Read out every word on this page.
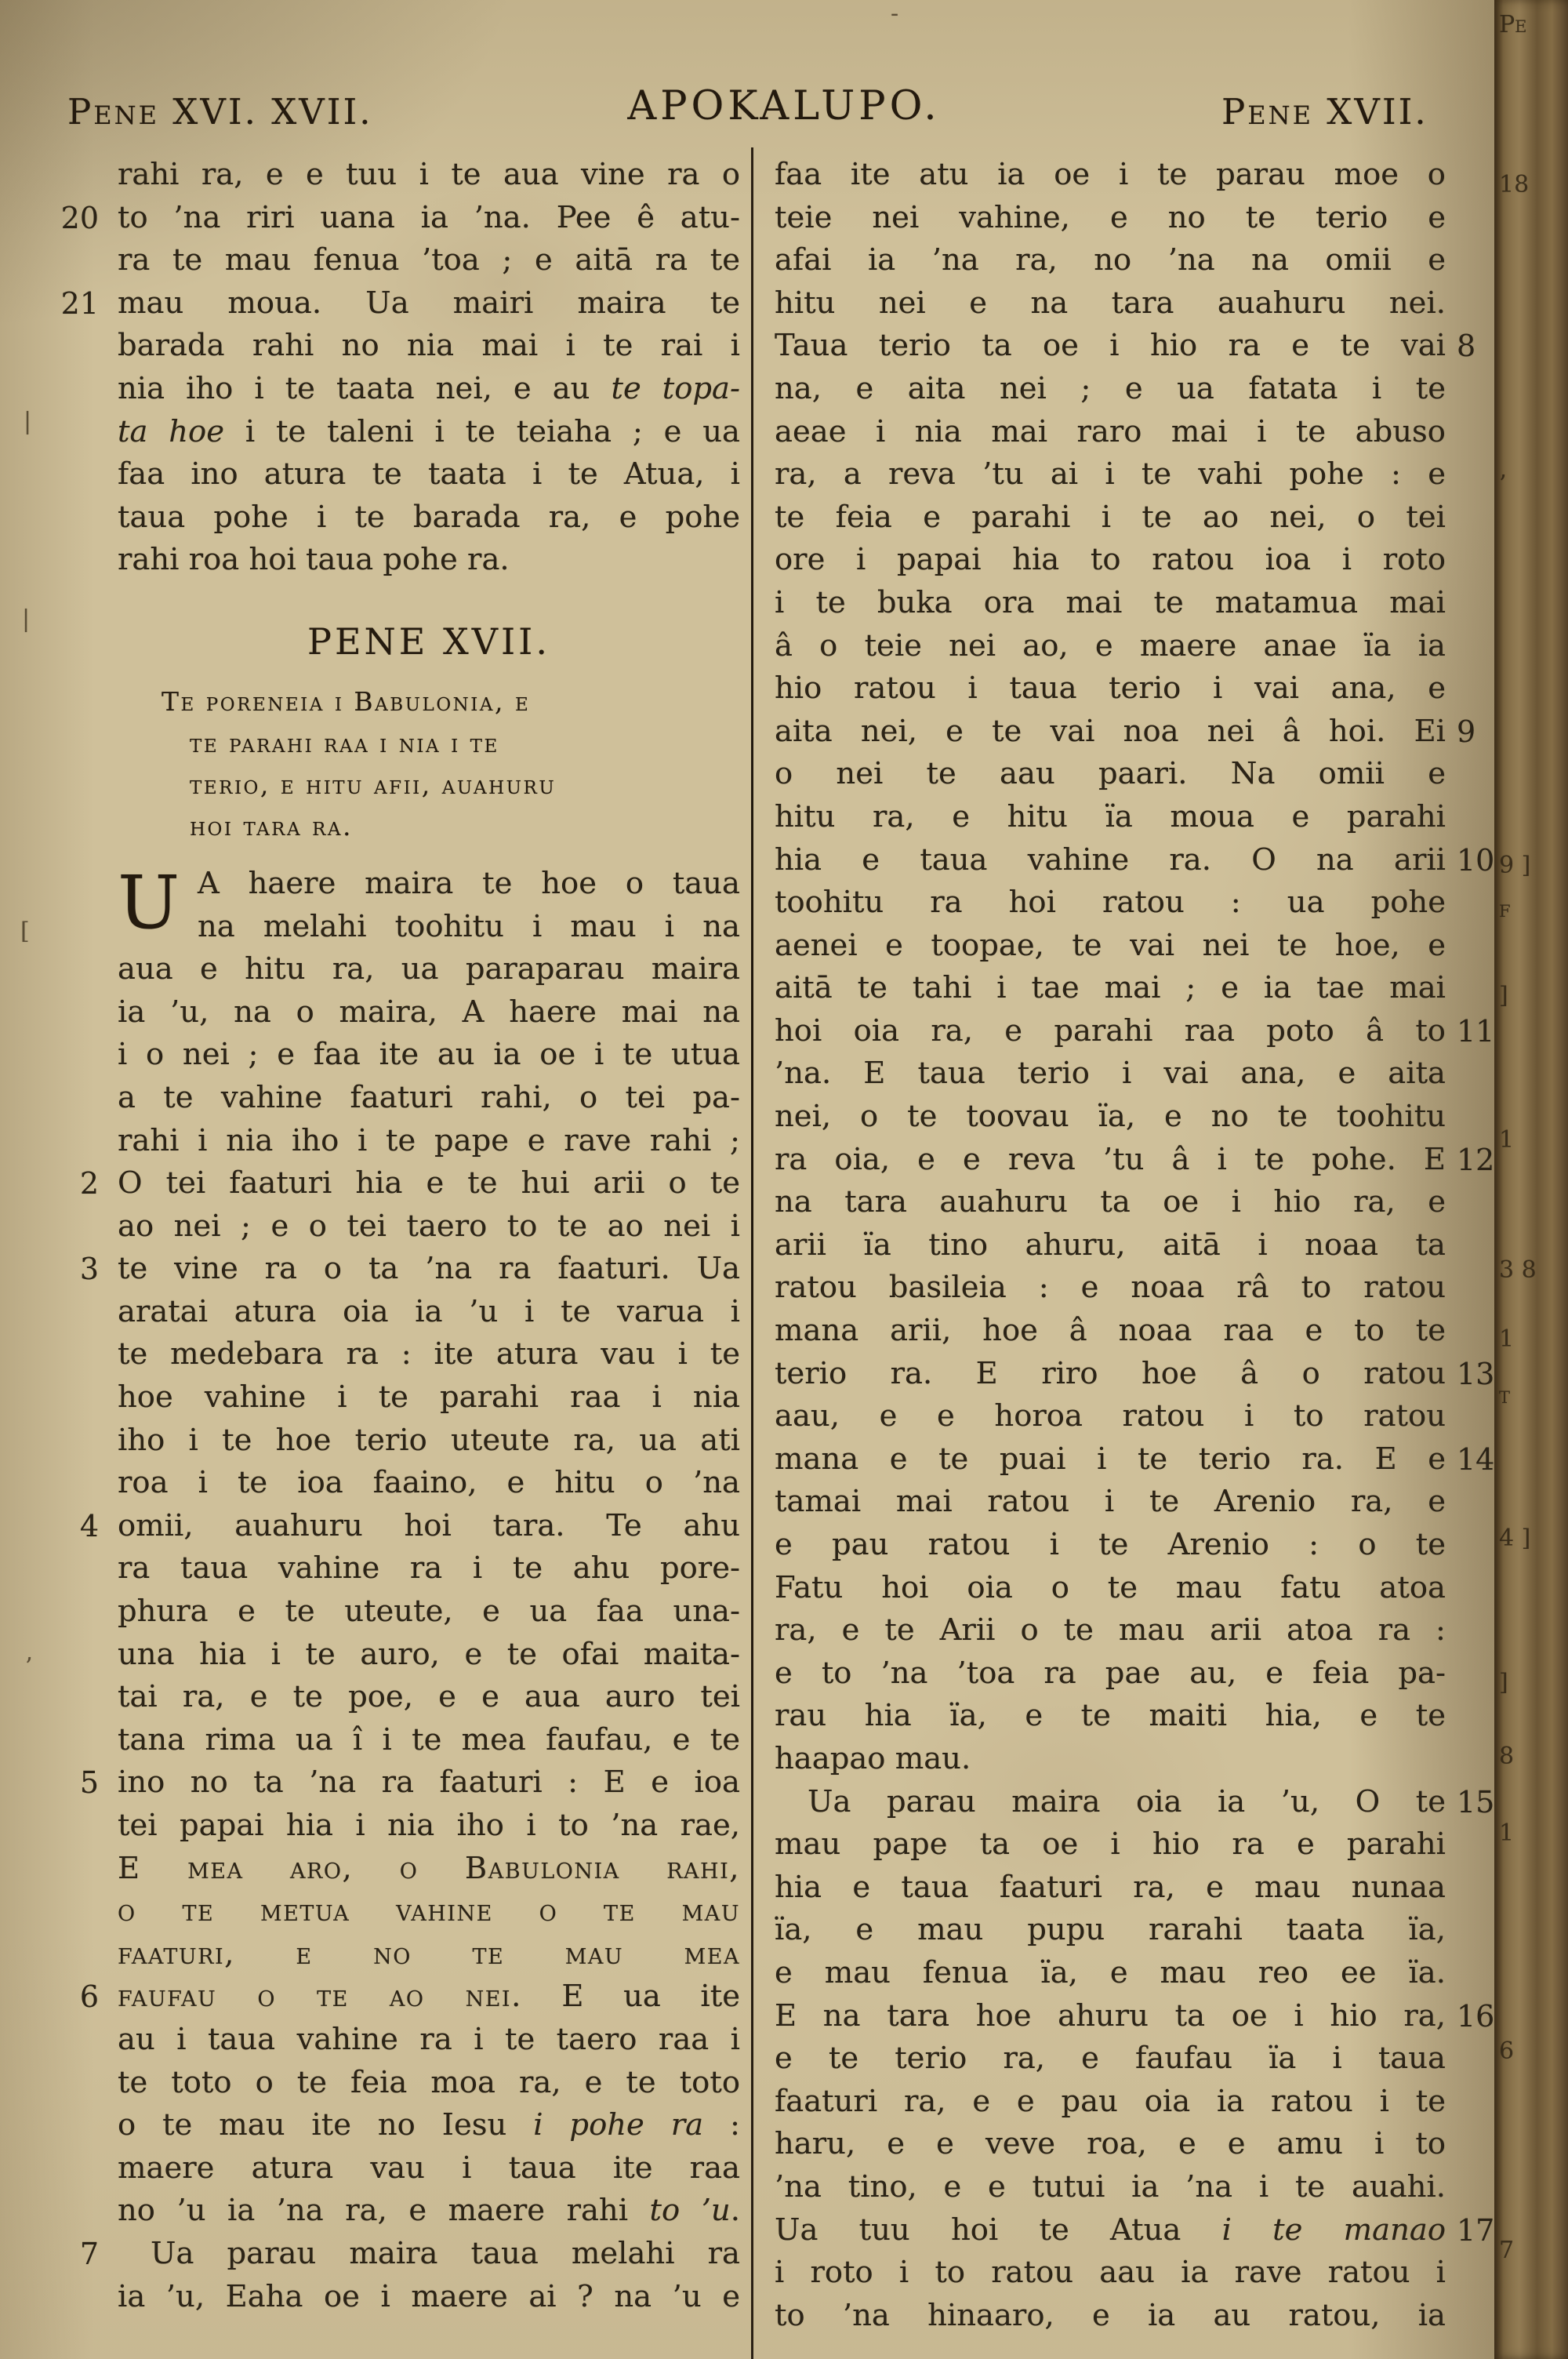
Pene XVI. XVII.	APOKALUPO.	Pene XVII.
rahi ra, e e tuu i te aua vine ra o
to ’na riri uana ia ’na. Pee ê atu-
20
ra te mau fenua ’toa ; e aitā ra te
mau moua. Ua mairi maira te
21
barada rahi no nia mai i te rai i
nia iho i te taata nei, e au te topa-
ta hoe i te taleni i te teiaha ; e ua
faa ino atura te taata i te Atua, i
taua pohe i te barada ra, e pohe
rahi roa hoi taua pohe ra.
PENE XVII.
Te poreneia i Babulonia, e
te parahi raa i nia i te
terio, e hitu afii, auahuru
hoi tara ra.
U A haere maira te hoe o taua
na melahi toohitu i mau i na
aua e hitu ra, ua paraparau maira
ia ’u, na o maira, A haere mai na
i o nei ; e faa ite au ia oe i te utua
a te vahine faaturi rahi, o tei pa-
rahi i nia iho i te pape e rave rahi ;
O tei faaturi hia e te hui arii o te
2
ao nei ; e o tei taero to te ao nei i
te vine ra o ta ’na ra faaturi. Ua
3
aratai atura oia ia ’u i te varua i
te medebara ra : ite atura vau i te
hoe vahine i te parahi raa i nia
iho i te hoe terio uteute ra, ua ati
roa i te ioa faaino, e hitu o ’na
omii, auahuru hoi tara. Te ahu
4
ra taua vahine ra i te ahu pore-
phura e te uteute, e ua faa una-
una hia i te auro, e te ofai maita-
tai ra, e te poe, e e aua auro tei
tana rima ua î i te mea faufau, e te
ino no ta ’na ra faaturi : E e ioa
5
tei papai hia i nia iho i to ’na rae,
E mea aro, o Babulonia rahi,
o te metua vahine o te mau
faaturi, e no te mau mea
faufau o te ao nei. E ua ite
6
au i taua vahine ra i te taero raa i
te toto o te feia moa ra, e te toto
o te mau ite no Iesu i pohe ra :
maere atura vau i taua ite raa
no ’u ia ’na ra, e maere rahi to ’u.
Ua parau maira taua melahi ra
7
ia ’u, Eaha oe i maere ai ? na ’u e
faa ite atu ia oe i te parau moe o
teie nei vahine, e no te terio e
afai ia ’na ra, no ’na na omii e
hitu nei e na tara auahuru nei.
Taua terio ta oe i hio ra e te vai 8
na, e aita nei ; e ua fatata i te
aeae i nia mai raro mai i te abuso
ra, a reva ’tu ai i te vahi pohe : e
te feia e parahi i te ao nei, o tei
ore i papai hia to ratou ioa i roto
i te buka ora mai te matamua mai
â o teie nei ao, e maere anae ïa ia
hio ratou i taua terio i vai ana, e
aita nei, e te vai noa nei â hoi. Ei 9
o nei te aau paari. Na omii e
hitu ra, e hitu ïa moua e parahi
hia e taua vahine ra. O na arii 10
toohitu ra hoi ratou : ua pohe
aenei e toopae, te vai nei te hoe, e
aitā te tahi i tae mai ; e ia tae mai
hoi oia ra, e parahi raa poto â to 11
’na. E taua terio i vai ana, e aita
nei, o te toovau ïa, e no te toohitu
ra oia, e e reva ’tu â i te pohe. E 12
na tara auahuru ta oe i hio ra, e
arii ïa tino ahuru, aitā i noaa ta
ratou basileia : e noaa râ to ratou
mana arii, hoe â noaa raa e to te
terio ra. E riro hoe â o ratou 13
aau, e e horoa ratou i to ratou
mana e te puai i te terio ra. E e 14
tamai mai ratou i te Arenio ra, e
e pau ratou i te Arenio : o te
Fatu hoi oia o te mau fatu atoa
ra, e te Arii o te mau arii atoa ra :
e to ’na ’toa ra pae au, e feia pa-
rau hia ïa, e te maiti hia, e te
haapao mau.
Ua parau maira oia ia ’u, O te 15
mau pape ta oe i hio ra e parahi
hia e taua faaturi ra, e mau nunaa
ïa, e mau pupu rarahi taata ïa,
e mau fenua ïa, e mau reo ee ïa.
E na tara hoe ahuru ta oe i hio ra, 16
e te terio ra, e faufau ïa i taua
faaturi ra, e e pau oia ia ratou i te
haru, e e veve roa, e e amu i to
’na tino, e e tutui ia ’na i te auahi.
Ua tuu hoi te Atua i te manao 17
i roto i to ratou aau ia rave ratou i
to ’na hinaaro, e ia au ratou, ia
Pe
18
’
9 ]
f
]
1
3 8
1
t
4 ]
]
8
1
6
7
-
|
|
[
’
